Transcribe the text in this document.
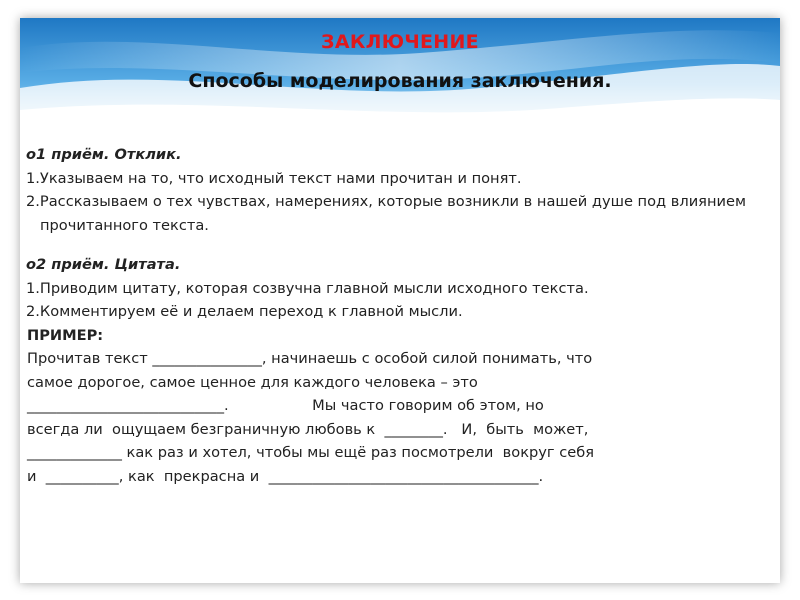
ЗАКЛЮЧЕНИЕ
Способы моделирования заключения.
о1 приём. Отклик.
1.Указываем на то, что исходный текст нами прочитан и понят.
2.Рассказываем о тех чувствах, намерениях, которые возникли в нашей душе под влиянием прочитанного текста.
о2 приём. Цитата.
1.Приводим цитату, которая созвучна главной мысли исходного текста.
2.Комментируем её и делаем переход к главной мысли.
ПРИМЕР:
Прочитав текст _______________, начинаешь с особой силой понимать, что
самое дорогое, самое ценное для каждого человека – это
___________________________.                  Мы часто говорим об этом, но
всегда ли  ощущаем безграничную любовь к  ________.   И,  быть  может,
_____________ как раз и хотел, чтобы мы ещё раз посмотрели  вокруг себя
и  __________, как  прекрасна и  _____________________________________.
